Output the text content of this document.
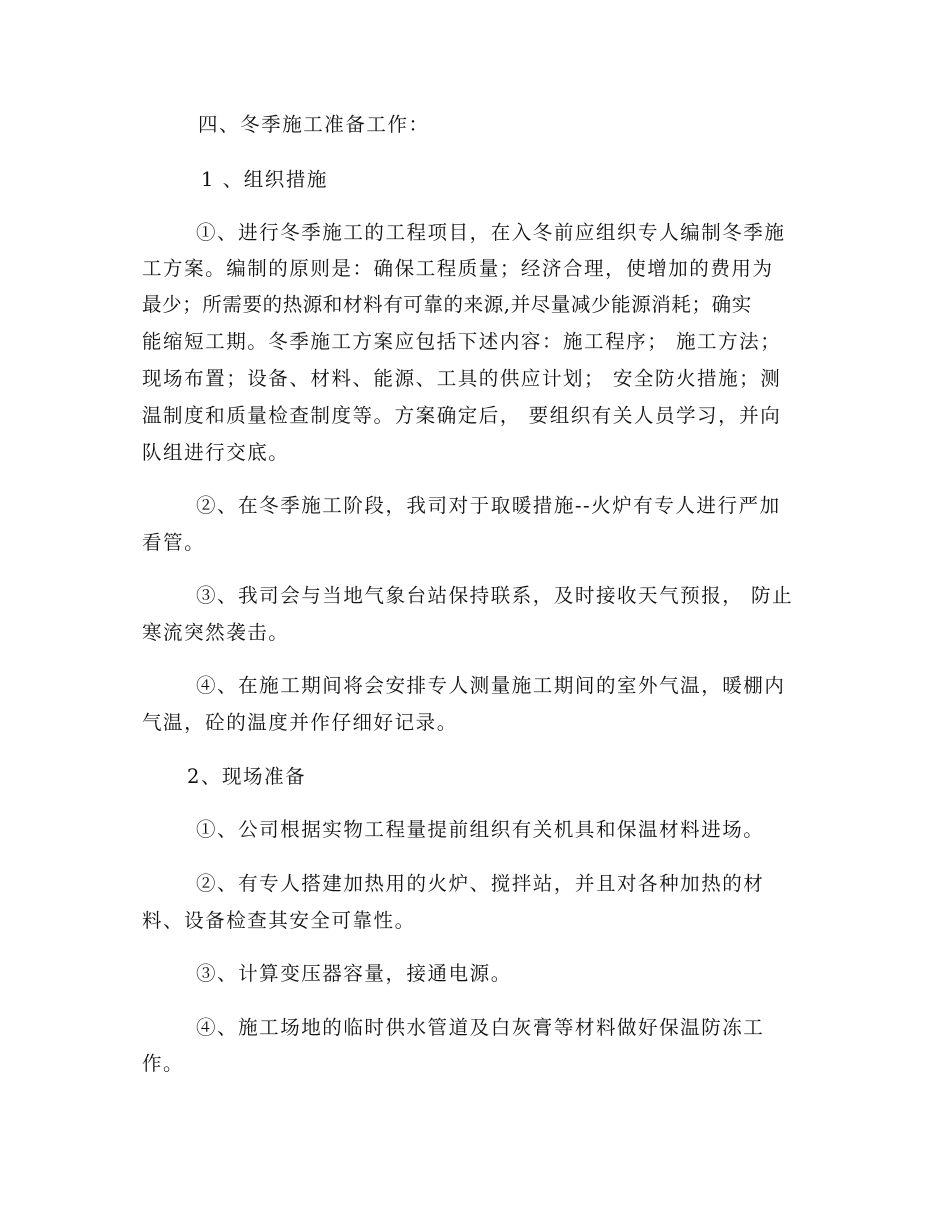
四、冬季施工准备工作：
1 、组织措施
①、进行冬季施工的工程项目，在入冬前应组织专人编制冬季施
工方案。编制的原则是：确保工程质量；经济合理，使增加的费用为
最少；所需要的热源和材料有可靠的来源,并尽量减少能源消耗；确实
能缩短工期。冬季施工方案应包括下述内容：施工程序； 施工方法；
现场布置；设备、材料、能源、工具的供应计划； 安全防火措施；测
温制度和质量检查制度等。方案确定后， 要组织有关人员学习，并向
队组进行交底。
②、在冬季施工阶段，我司对于取暖措施--火炉有专人进行严加
看管。
③、我司会与当地气象台站保持联系，及时接收天气预报， 防止
寒流突然袭击。
④、在施工期间将会安排专人测量施工期间的室外气温，暖棚内
气温，砼的温度并作仔细好记录。
2、现场准备
①、公司根据实物工程量提前组织有关机具和保温材料进场。
②、有专人搭建加热用的火炉、搅拌站，并且对各种加热的材
料、设备检查其安全可靠性。
③、计算变压器容量，接通电源。
④、施工场地的临时供水管道及白灰膏等材料做好保温防冻工
作。
